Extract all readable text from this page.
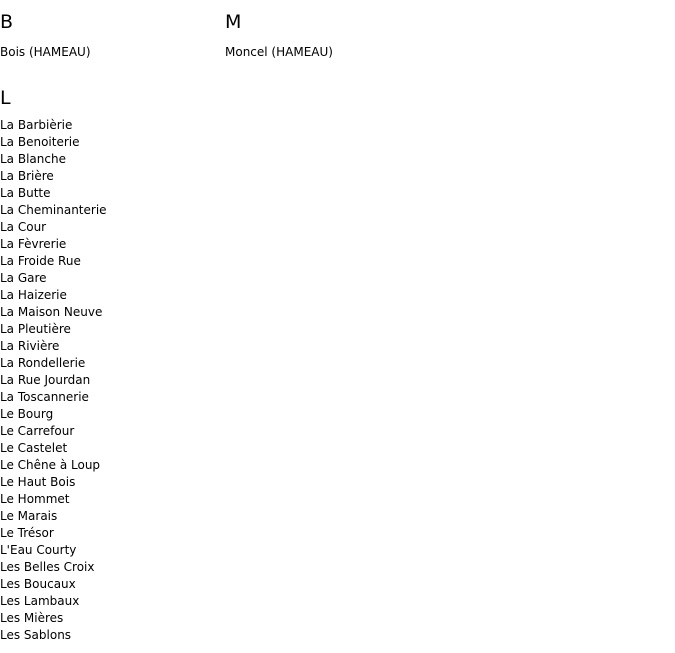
B
Bois (HAMEAU)
L
La Barbièrie
La Benoiterie
La Blanche
La Brière
La Butte
La Cheminanterie
La Cour
La Fèvrerie
La Froide Rue
La Gare
La Haizerie
La Maison Neuve
La Pleutière
La Rivière
La Rondellerie
La Rue Jourdan
La Toscannerie
Le Bourg
Le Carrefour
Le Castelet
Le Chêne à Loup
Le Haut Bois
Le Hommet
Le Marais
Le Trésor
L'Eau Courty
Les Belles Croix
Les Boucaux
Les Lambaux
Les Mières
Les Sablons
M
Moncel (HAMEAU)
